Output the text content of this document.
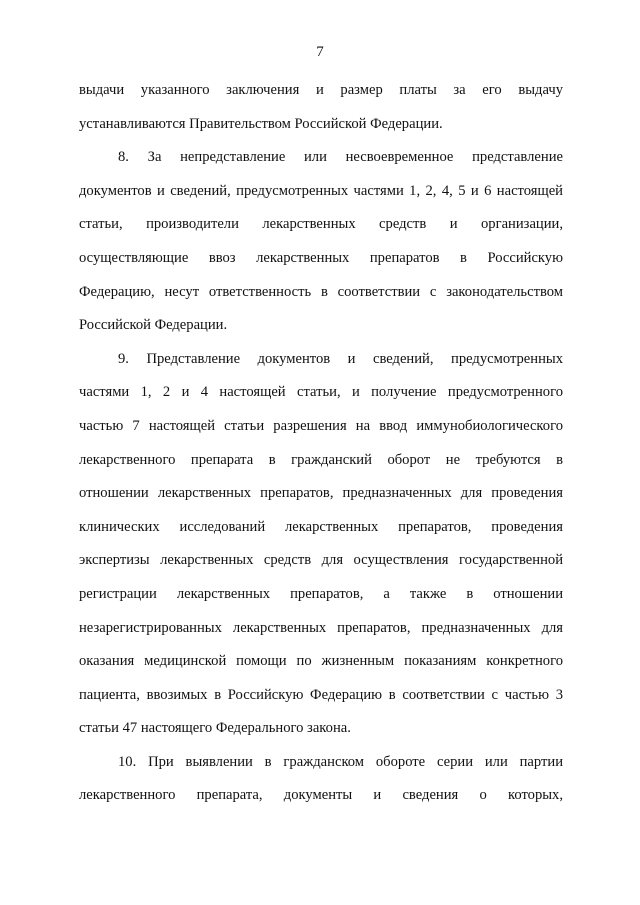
7
выдачи указанного заключения и размер платы за его выдачу
устанавливаются Правительством Российской Федерации.
8. За непредставление или несвоевременное представление
документов и сведений, предусмотренных частями 1, 2, 4, 5 и 6 настоящей
статьи, производители лекарственных средств и организации,
осуществляющие ввоз лекарственных препаратов в Российскую
Федерацию, несут ответственность в соответствии с законодательством
Российской Федерации.
9. Представление документов и сведений, предусмотренных
частями 1, 2 и 4 настоящей статьи, и получение предусмотренного
частью 7 настоящей статьи разрешения на ввод иммунобиологического
лекарственного препарата в гражданский оборот не требуются в
отношении лекарственных препаратов, предназначенных для проведения
клинических исследований лекарственных препаратов, проведения
экспертизы лекарственных средств для осуществления государственной
регистрации лекарственных препаратов, а также в отношении
незарегистрированных лекарственных препаратов, предназначенных для
оказания медицинской помощи по жизненным показаниям конкретного
пациента, ввозимых в Российскую Федерацию в соответствии с частью 3
статьи 47 настоящего Федерального закона.
10. При выявлении в гражданском обороте серии или партии
лекарственного препарата, документы и сведения о которых,
